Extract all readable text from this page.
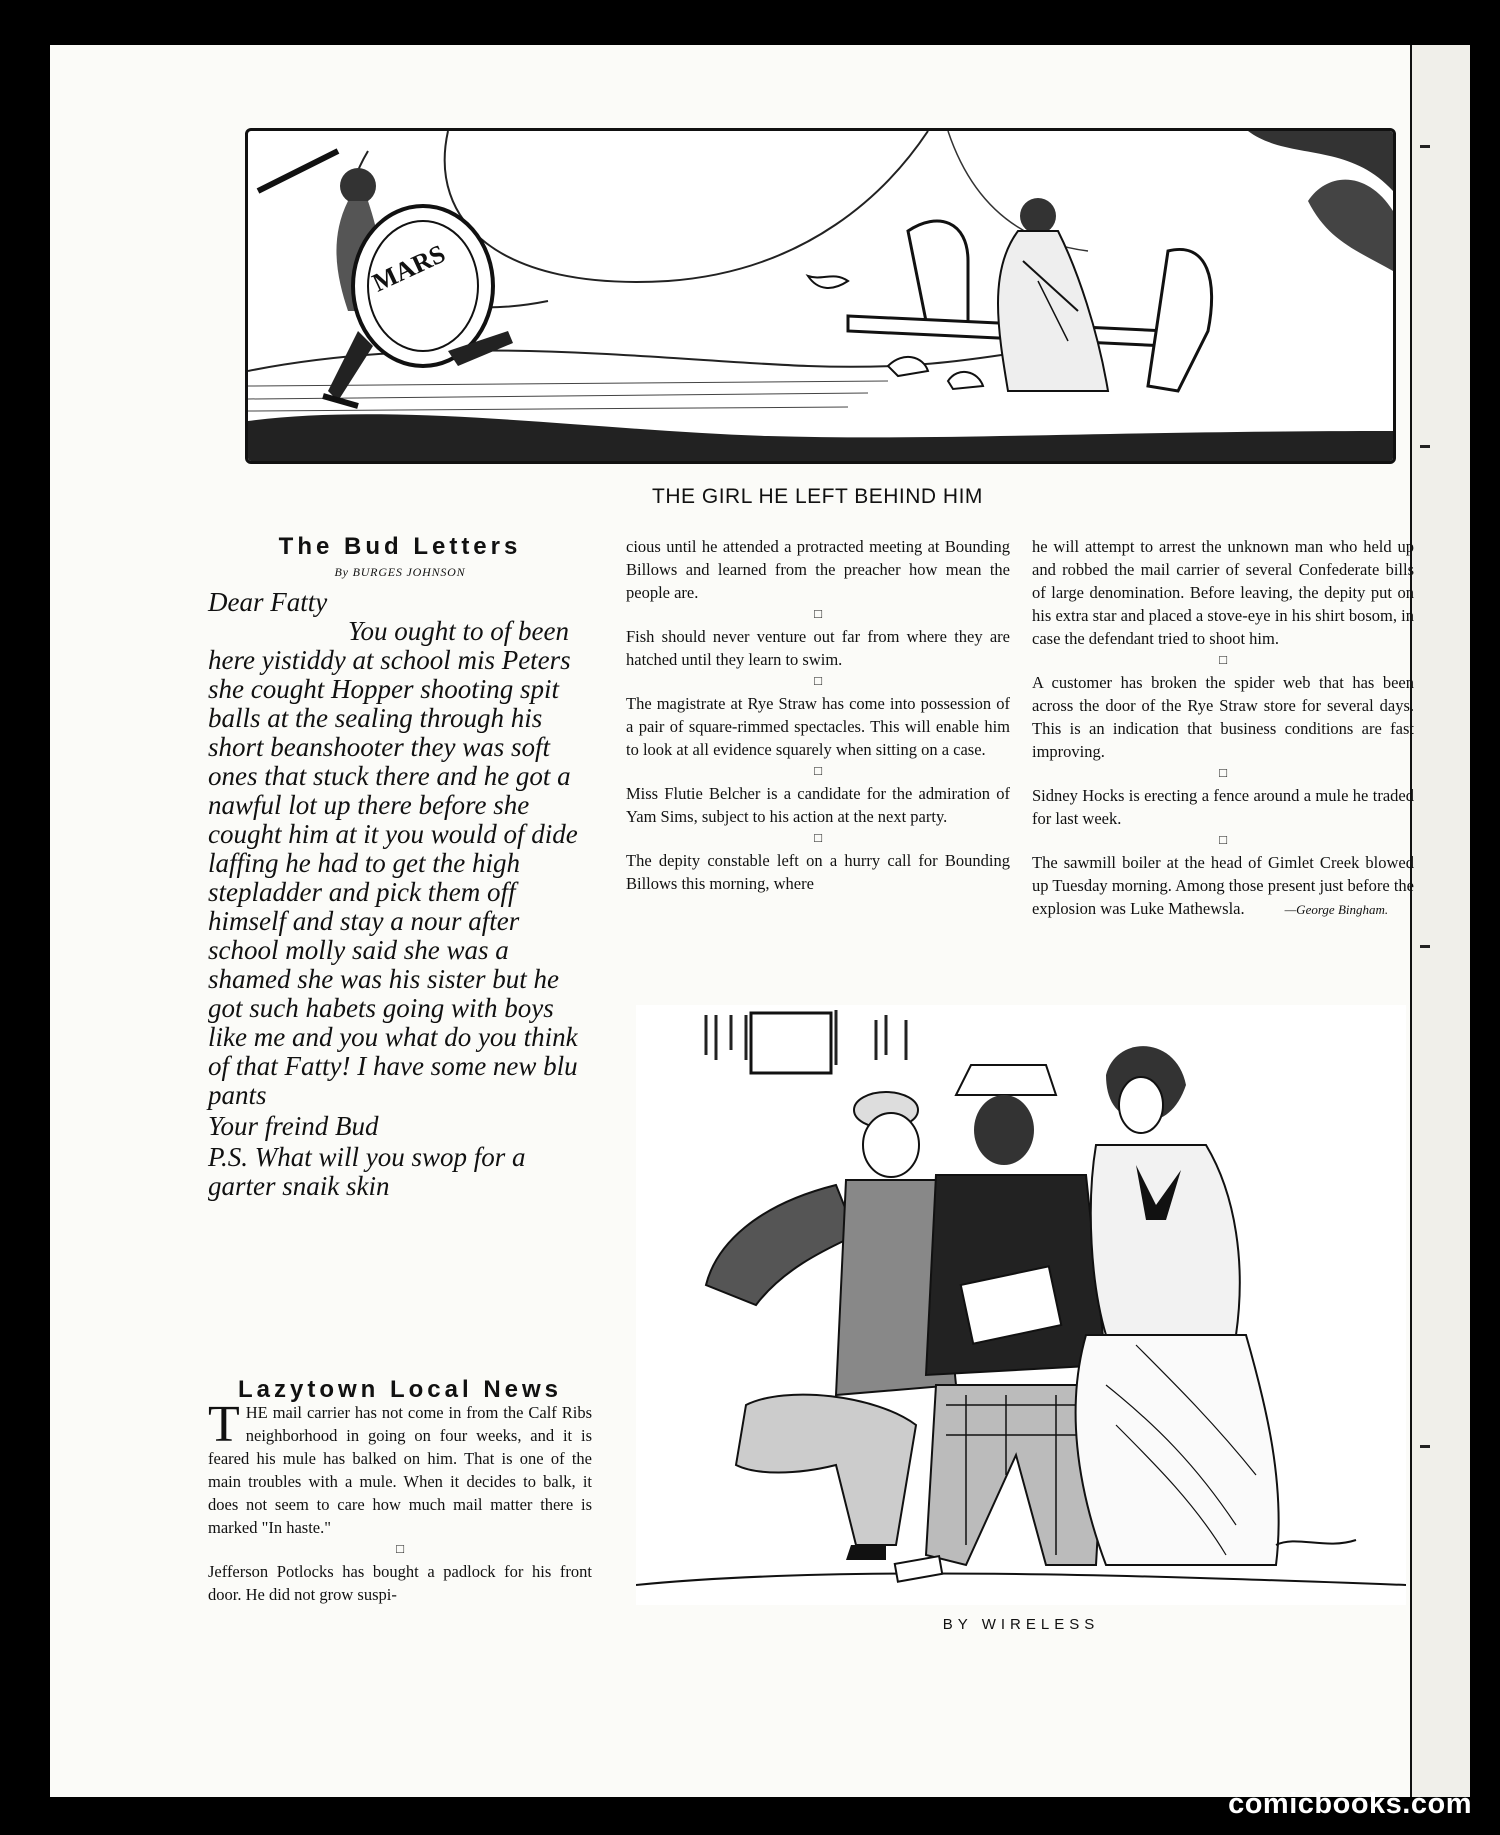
MARS
THE GIRL HE LEFT BEHIND HIM
The Bud Letters
By BURGES JOHNSON
Dear Fatty
You ought to of been here yistiddy at school mis Peters she cought Hopper shooting spit balls at the sealing through his short beanshooter they was soft ones that stuck there and he got a nawful lot up there before she cought him at it you would of dide laffing he had to get the high stepladder and pick them off himself and stay a nour after school molly said she was a shamed she was his sister but he got such habets going with boys like me and you what do you think of that Fatty! I have some new blu pants
Your freind Bud
P.S. What will you swop for a garter snaik skin
Lazytown Local News

THE mail carrier has not come in from the Calf Ribs neighborhood in going on four weeks, and it is feared his mule has balked on him. That is one of the main troubles with a mule. When it decides to balk, it does not seem to care how much mail matter there is marked "In haste."

□

Jefferson Potlocks has bought a padlock for his front door. He did not grow suspi-

cious until he attended a protracted meeting at Bounding Billows and learned from the preacher how mean the people are.

□

Fish should never venture out far from where they are hatched until they learn to swim.

□

The magistrate at Rye Straw has come into possession of a pair of square-rimmed spectacles. This will enable him to look at all evidence squarely when sitting on a case.

□

Miss Flutie Belcher is a candidate for the admiration of Yam Sims, subject to his action at the next party.

□

The depity constable left on a hurry call for Bounding Billows this morning, where

he will attempt to arrest the unknown man who held up and robbed the mail carrier of several Confederate bills of large denomination. Before leaving, the depity put on his extra star and placed a stove-eye in his shirt bosom, in case the defendant tried to shoot him.

□

A customer has broken the spider web that has been across the door of the Rye Straw store for several days. This is an indication that business conditions are fast improving.

□

Sidney Hocks is erecting a fence around a mule he traded for last week.

□

The sawmill boiler at the head of Gimlet Creek blowed up Tuesday morning. Among those present just before the explosion was Luke Mathewsla.	—George Bingham.

BY WIRELESS
comicbooks.com
